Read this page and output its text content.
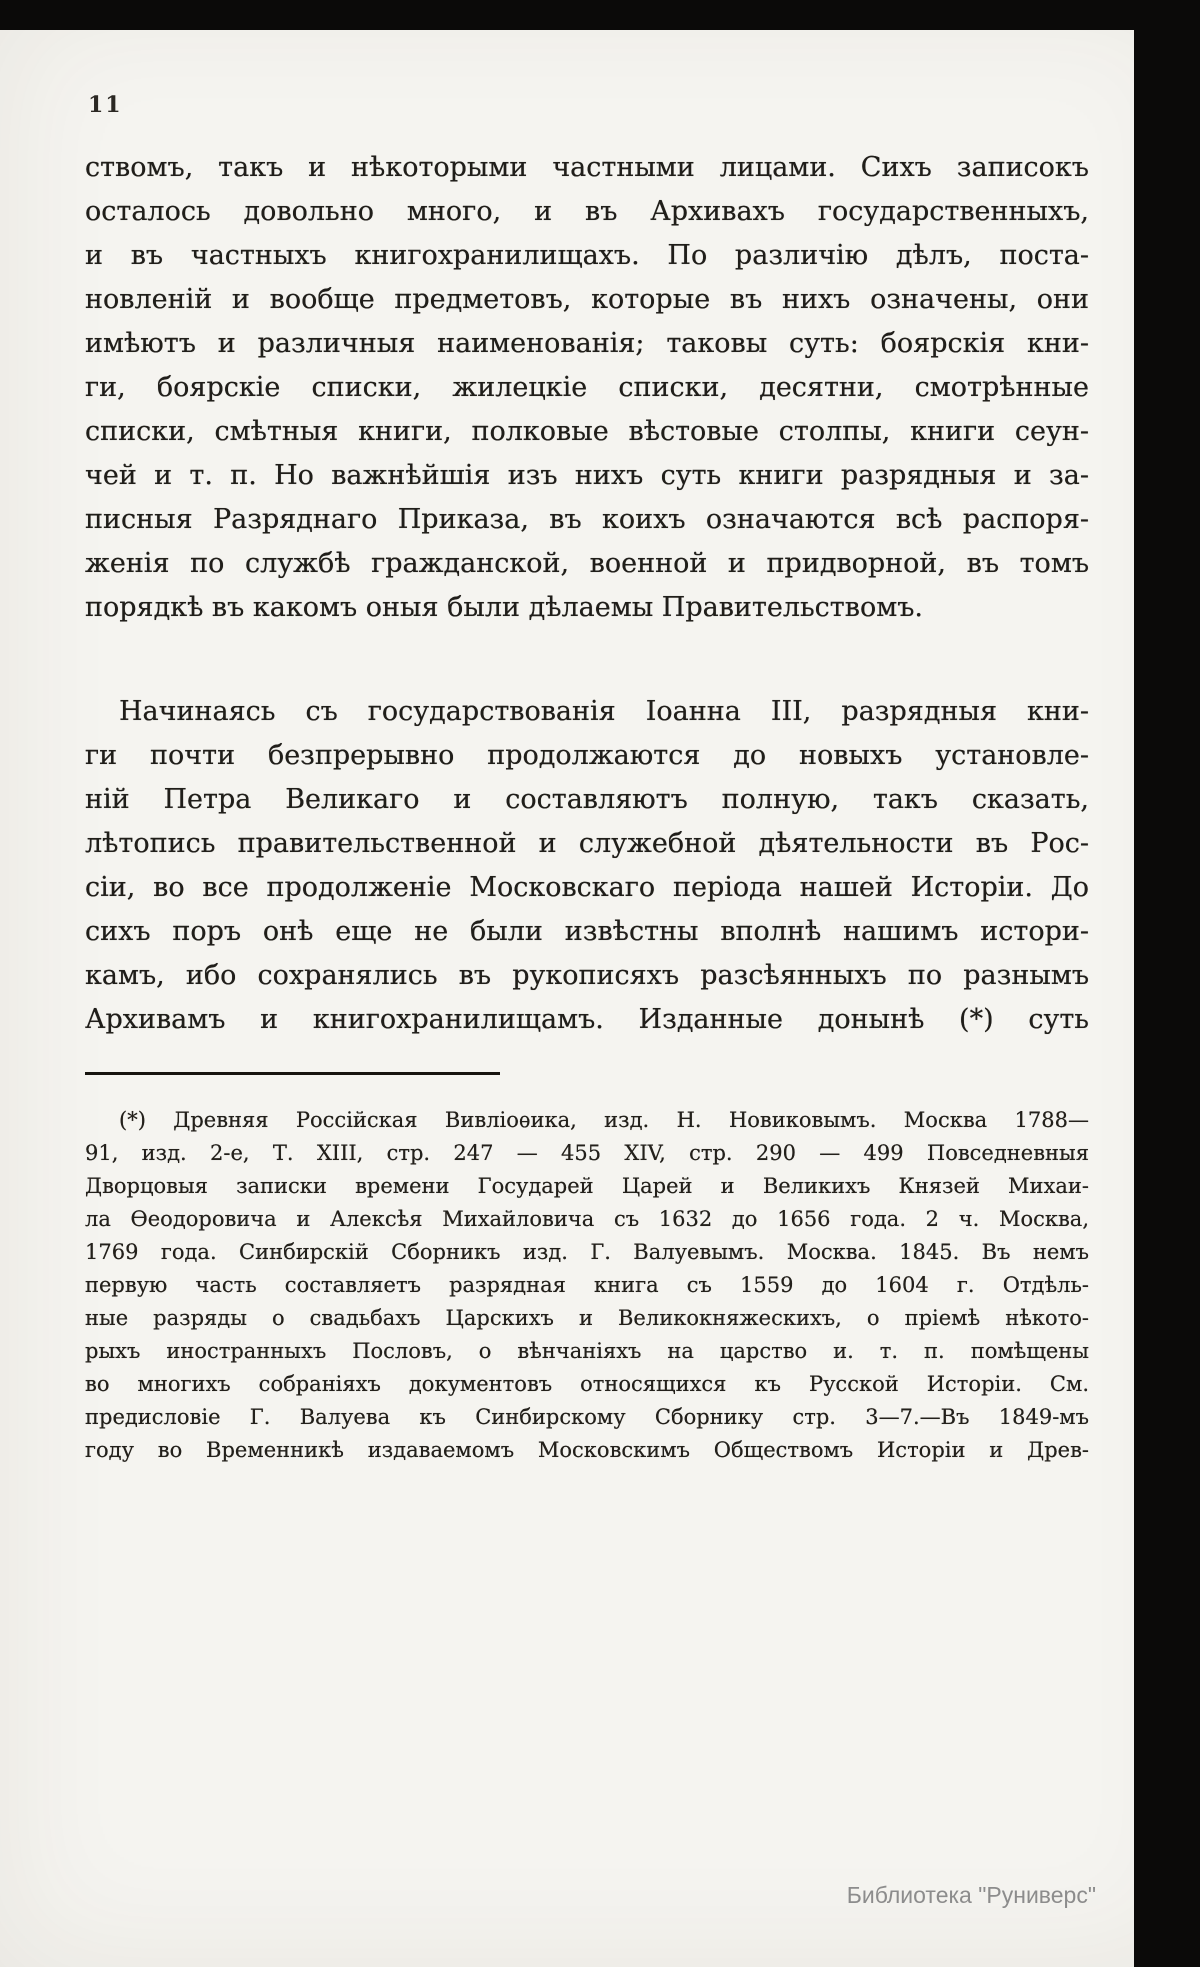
11
ствомъ, такъ и нѣкоторыми частными лицами. Сихъ записокъ
осталось довольно много, и въ Архивахъ государственныхъ,
и въ частныхъ книгохранилищахъ. По различію дѣлъ, поста-
новленій и вообще предметовъ, которые въ нихъ означены, они
имѣютъ и различныя наименованія; таковы суть: боярскія кни-
ги, боярскіе списки, жилецкіе списки, десятни, смотрѣнные
списки, смѣтныя книги, полковые вѣстовые столпы, книги сеун-
чей и т. п. Но важнѣйшія изъ нихъ суть книги разрядныя и за-
писныя Разряднаго Приказа, въ коихъ означаются всѣ распоря-
женія по службѣ гражданской, военной и придворной, въ томъ
порядкѣ въ какомъ оныя были дѣлаемы Правительствомъ.
Начинаясь съ государствованія Іоанна III, разрядныя кни-
ги почти безпрерывно продолжаются до новыхъ установле-
ній Петра Великаго и составляютъ полную, такъ сказать,
лѣтопись правительственной и служебной дѣятельности въ Рос-
сіи, во все продолженіе Московскаго періода нашей Исторіи. До
сихъ поръ онѣ еще не были извѣстны вполнѣ нашимъ истори-
камъ, ибо сохранялись въ рукописяхъ разсѣянныхъ по разнымъ
Архивамъ и книгохранилищамъ. Изданные донынѣ (*) суть
(*) Древняя Россійская Вивліоѳика, изд. Н. Новиковымъ. Москва 1788—
91, изд. 2-е, Т. XIII, стр. 247 — 455 XIV, стр. 290 — 499 Повседневныя
Дворцовыя записки времени Государей Царей и Великихъ Князей Михаи-
ла Ѳеодоровича и Алексѣя Михайловича съ 1632 до 1656 года. 2 ч. Москва,
1769 года. Синбирскій Сборникъ изд. Г. Валуевымъ. Москва. 1845. Въ немъ
первую часть составляетъ разрядная книга съ 1559 до 1604 г. Отдѣль-
ные разряды о свадьбахъ Царскихъ и Великокняжескихъ, о пріемѣ нѣкото-
рыхъ иностранныхъ Пословъ, о вѣнчаніяхъ на царство и. т. п. помѣщены
во многихъ собраніяхъ документовъ относящихся къ Русской Исторіи. См.
предисловіе Г. Валуева къ Синбирскому Сборнику стр. 3—7.—Въ 1849-мъ
году во Временникѣ издаваемомъ Московскимъ Обществомъ Исторіи и Древ-
Библиотека "Руниверс"
